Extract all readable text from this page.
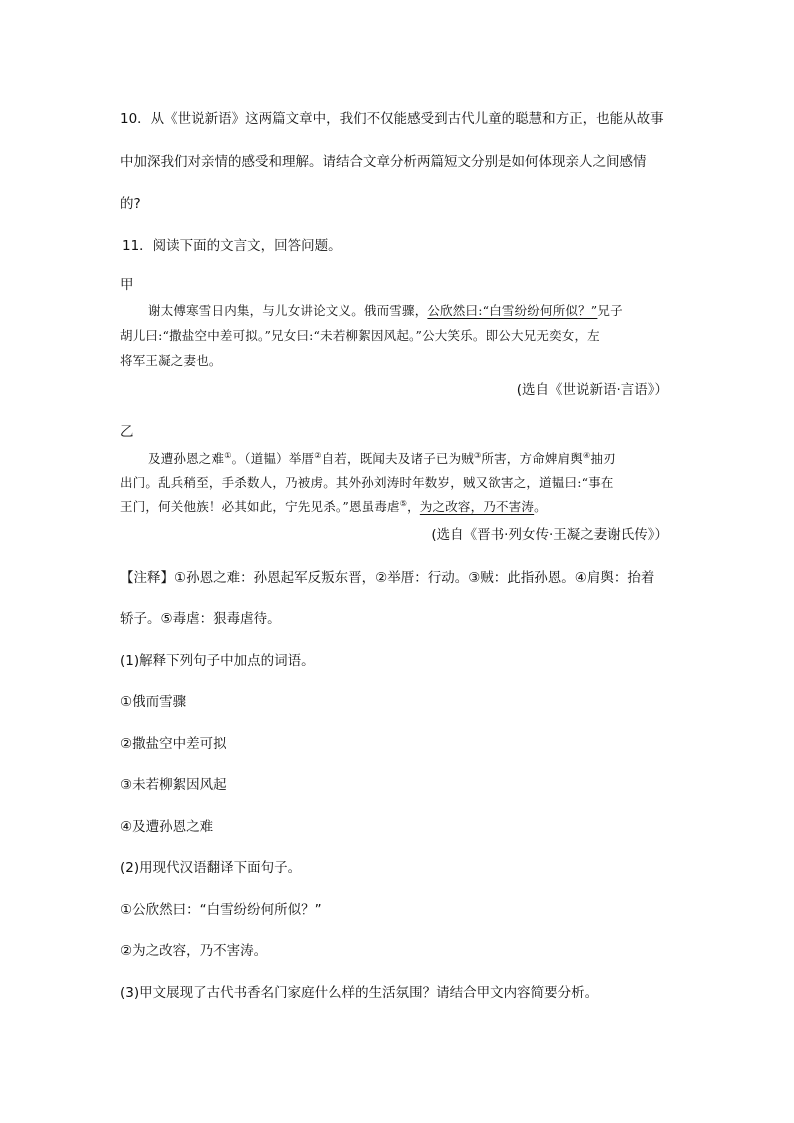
10．从《世说新语》这两篇文章中，我们不仅能感受到古代儿童的聪慧和方正，也能从故事
中加深我们对亲情的感受和理解。请结合文章分析两篇短文分别是如何体现亲人之间感情
的?
11．阅读下面的文言文，回答问题。
甲
谢太傅寒雪日内集，与儿女讲论文义。俄而雪骤，公欣然曰:“白雪纷纷何所似？”兄子
胡儿曰:“撒盐空中差可拟。”兄女曰:“未若柳絮因风起。”公大笑乐。即公大兄无奕女，左
将军王凝之妻也。
(选自《世说新语·言语》）
乙
及遭孙恩之难①。（道韫）举厝②自若，既闻夫及诸子已为贼③所害，方命婢肩舆④抽刃
出门。乱兵稍至，手杀数人，乃被虏。其外孙刘涛时年数岁，贼又欲害之，道韫曰:“事在
王门，何关他族！必其如此，宁先见杀。”恩虽毒虐⑤，为之改容，乃不害涛。
(选自《晋书·列女传·王凝之妻谢氏传》）
【注释】①孙恩之难：孙恩起军反叛东晋，②举厝：行动。③贼：此指孙恩。④肩舆：抬着
轿子。⑤毒虐：狠毒虐待。
(1)解释下列句子中加点的词语。
①俄而雪骤
②撒盐空中差可拟
③未若柳絮因风起
④及遭孙恩之难
(2)用现代汉语翻译下面句子。
①公欣然曰：“白雪纷纷何所似？”
②为之改容，乃不害涛。
(3)甲文展现了古代书香名门家庭什么样的生活氛围？请结合甲文内容简要分析。
